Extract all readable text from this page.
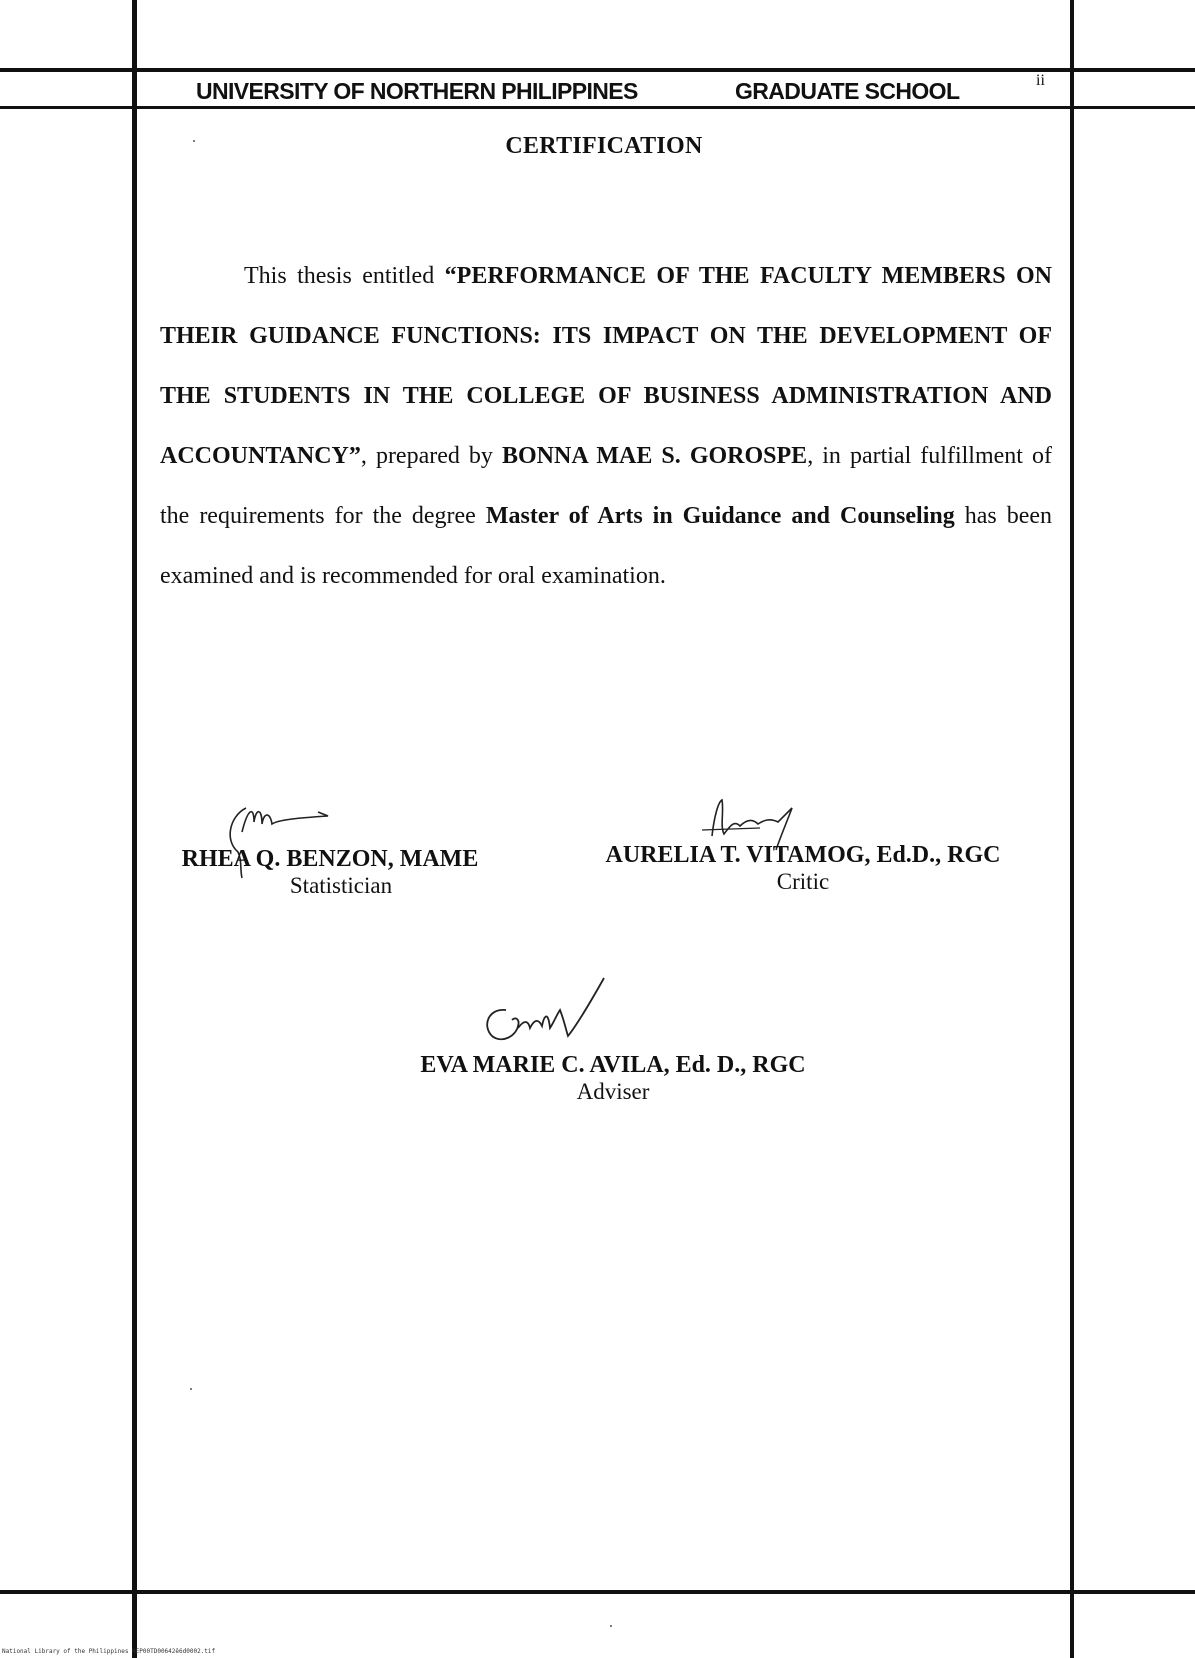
UNIVERSITY OF NORTHERN PHILIPPINES	GRADUATE SCHOOL	ii
CERTIFICATION
This thesis entitled “PERFORMANCE OF THE FACULTY MEMBERS ON THEIR GUIDANCE FUNCTIONS: ITS IMPACT ON THE DEVELOPMENT OF THE STUDENTS IN THE COLLEGE OF BUSINESS ADMINISTRATION AND ACCOUNTANCY”, prepared by BONNA MAE S. GOROSPE, in partial fulfillment of the requirements for the degree Master of Arts in Guidance and Counseling has been examined and is recommended for oral examination.
RHEA Q. BENZON, MAME
Statistician
AURELIA T. VITAMOG, Ed.D., RGC
Critic
EVA MARIE C. AVILA, Ed. D., RGC
Adviser
National Library of the Philippines HEP00TD00642ê6d0002.tif
